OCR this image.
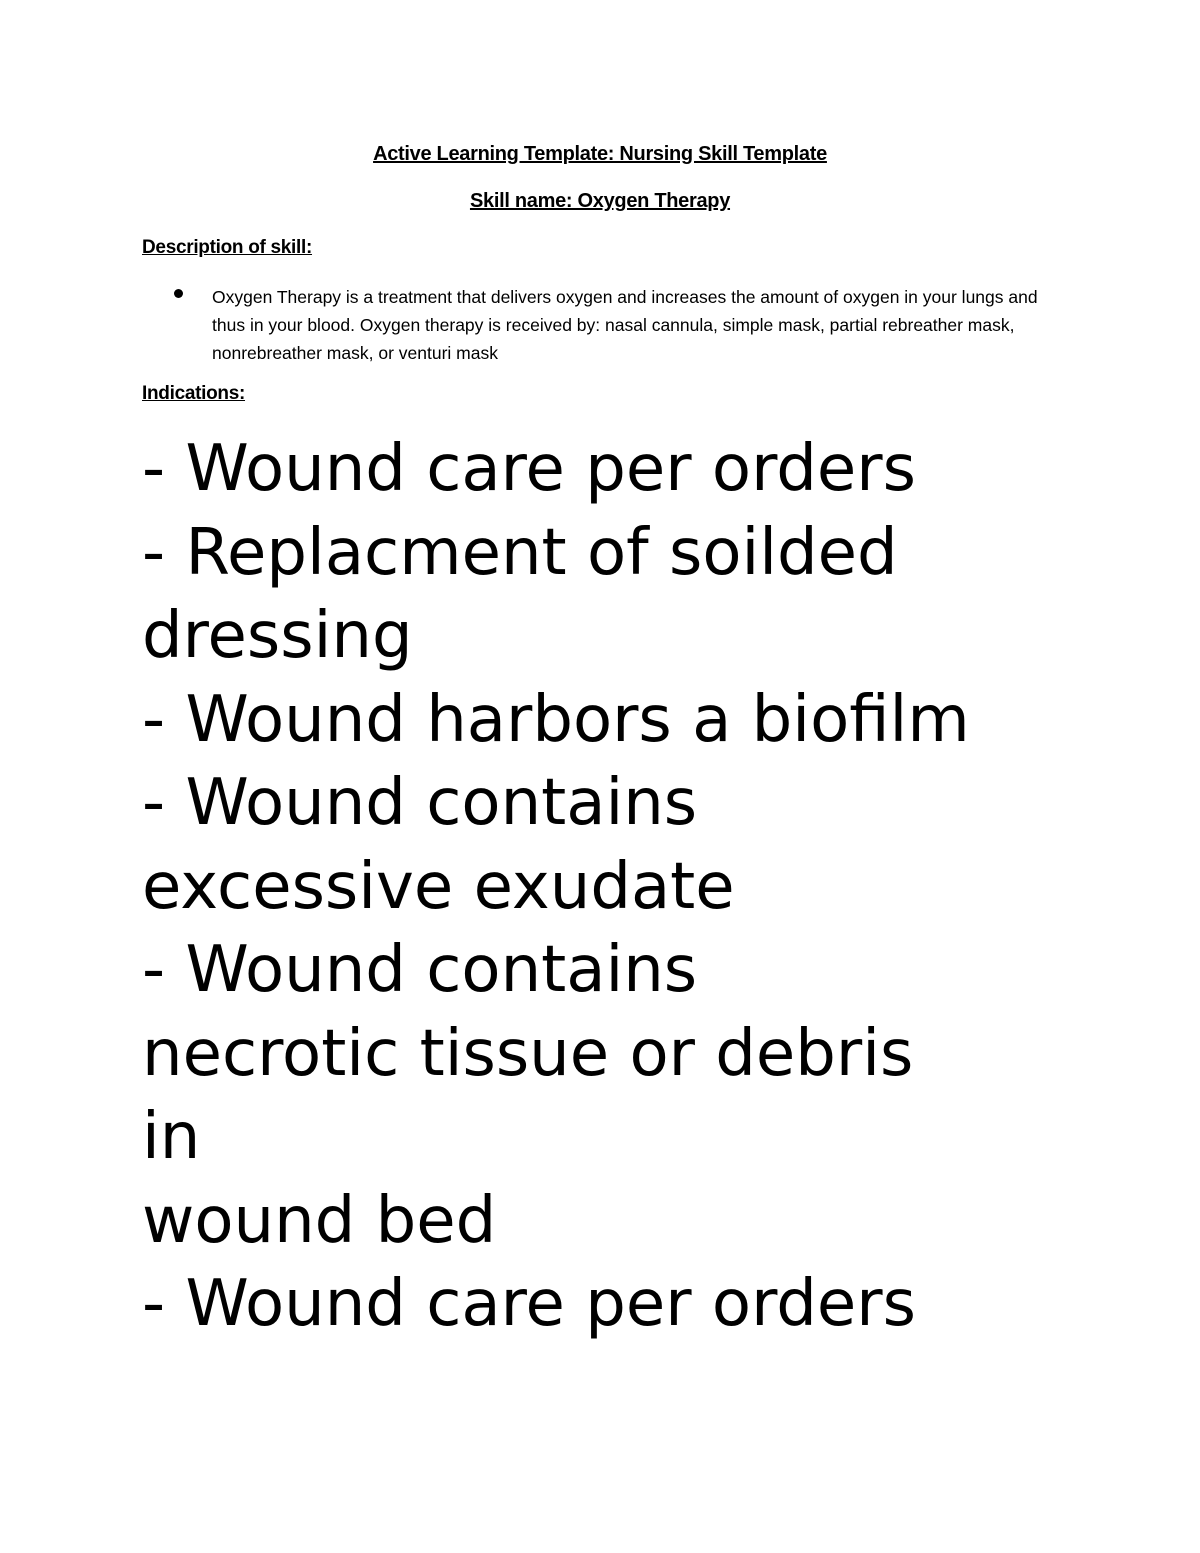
Active Learning Template: Nursing Skill Template
Skill name: Oxygen Therapy
Description of skill:
Oxygen Therapy is a treatment that delivers oxygen and increases the amount of oxygen in your lungs and thus in your blood. Oxygen therapy is received by: nasal cannula, simple mask, partial rebreather mask, nonrebreather mask, or venturi mask
Indications:
- Wound care per orders
- Replacment of soilded
dressing
- Wound harbors a biofilm
- Wound contains
excessive exudate
- Wound contains
necrotic tissue or debris
in
wound bed
- Wound care per orders
